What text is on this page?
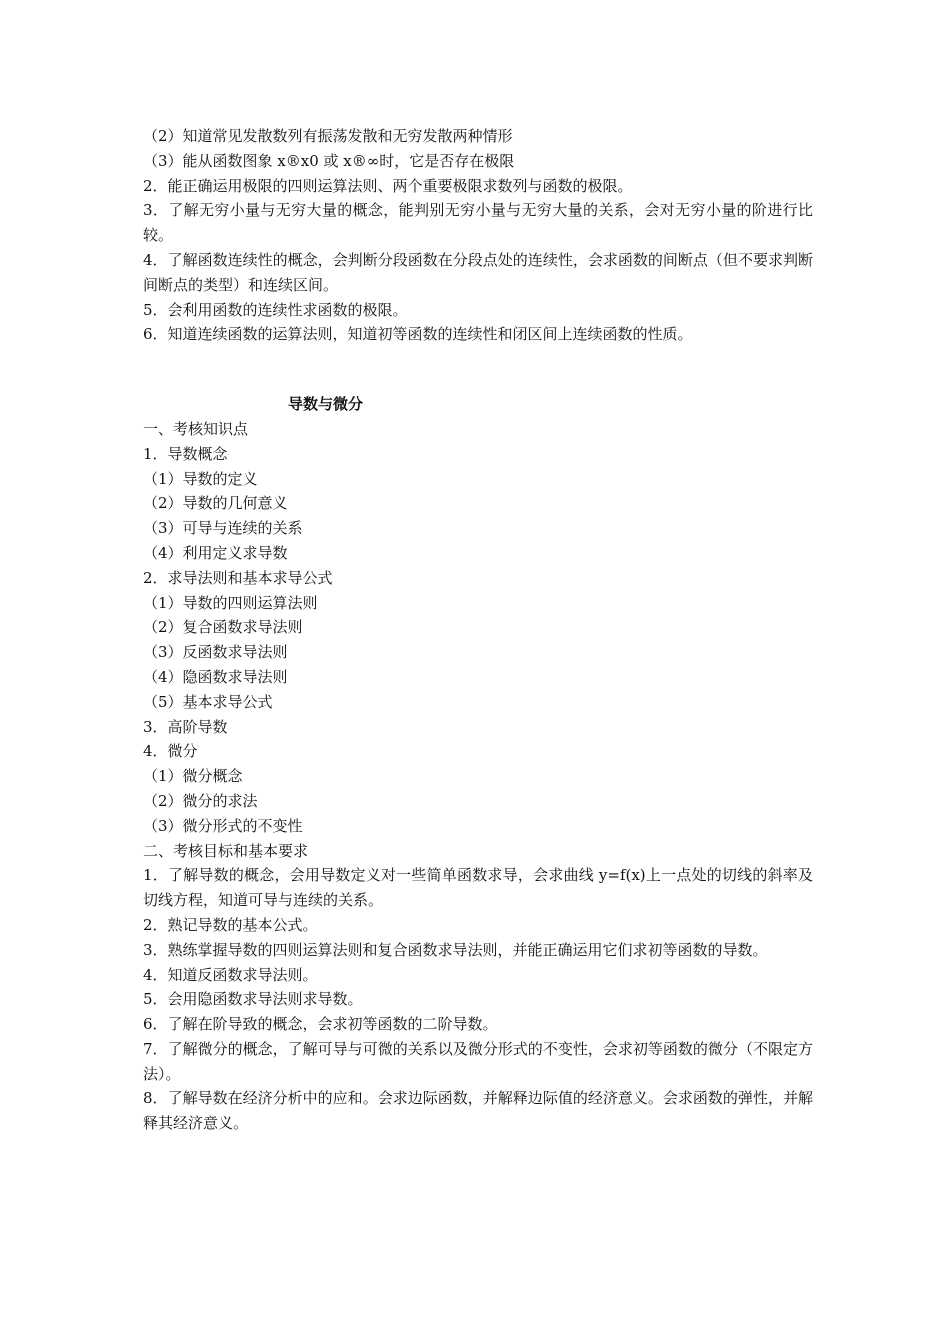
（2）知道常见发散数列有振荡发散和无穷发散两种情形

（3）能从函数图象 x®x0 或 x®∞时，它是否存在极限

2．能正确运用极限的四则运算法则、两个重要极限求数列与函数的极限。

3．了解无穷小量与无穷大量的概念，能判别无穷小量与无穷大量的关系，会对无穷小量的阶进行比较。

4．了解函数连续性的概念，会判断分段函数在分段点处的连续性，会求函数的间断点（但不要求判断间断点的类型）和连续区间。

5．会利用函数的连续性求函数的极限。

6．知道连续函数的运算法则，知道初等函数的连续性和闭区间上连续函数的性质。

导数与微分

一、考核知识点

1．导数概念

（1）导数的定义

（2）导数的几何意义

（3）可导与连续的关系

（4）利用定义求导数

2．求导法则和基本求导公式

（1）导数的四则运算法则

（2）复合函数求导法则

（3）反函数求导法则

（4）隐函数求导法则

（5）基本求导公式

3．高阶导数

4．微分

（1）微分概念

（2）微分的求法

（3）微分形式的不变性

二、考核目标和基本要求

1．了解导数的概念，会用导数定义对一些简单函数求导，会求曲线 y=f(x)上一点处的切线的斜率及切线方程，知道可导与连续的关系。

2．熟记导数的基本公式。

3．熟练掌握导数的四则运算法则和复合函数求导法则，并能正确运用它们求初等函数的导数。

4．知道反函数求导法则。

5．会用隐函数求导法则求导数。

6．了解在阶导致的概念，会求初等函数的二阶导数。

7．了解微分的概念，了解可导与可微的关系以及微分形式的不变性，会求初等函数的微分（不限定方法）。

8．了解导数在经济分析中的应和。会求边际函数，并解释边际值的经济意义。会求函数的弹性，并解释其经济意义。
